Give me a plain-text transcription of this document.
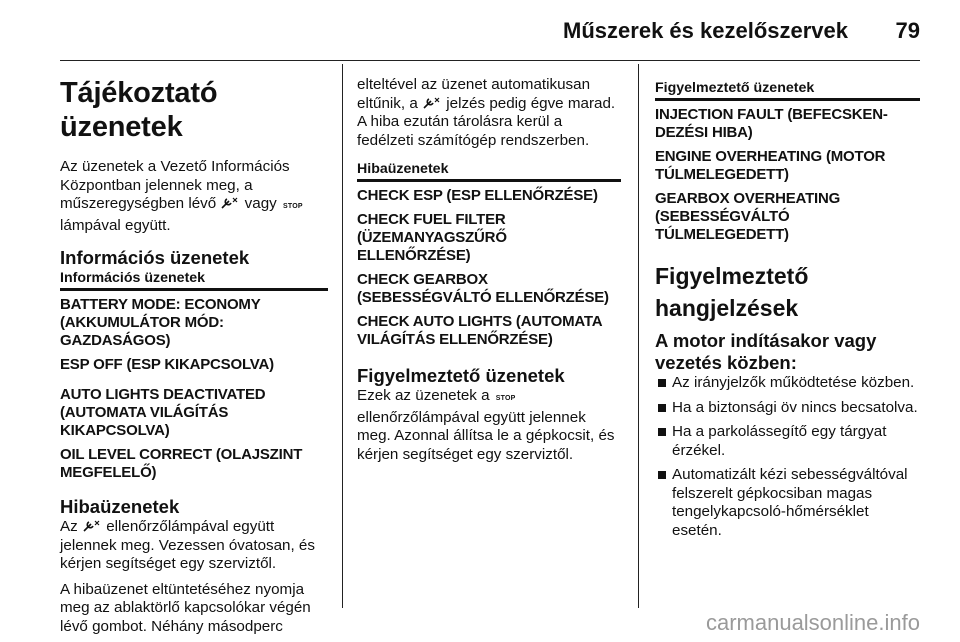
Műszerek és kezelőszervek 79
Tájékoztató üzenetek

Az üzenetek a Vezető Információs Központban jelennek meg, a műszeregységben lévő vagy STOP lámpával együtt.

Információs üzenetek
Információs üzenetek
BATTERY MODE: ECONOMY (AKKUMULÁTOR MÓD: GAZDASÁGOS)
ESP OFF (ESP KIKAPCSOLVA)
AUTO LIGHTS DEACTIVATED (AUTOMATA VILÁGÍTÁS KIKAPCSOLVA)
OIL LEVEL CORRECT (OLAJSZINT MEGFELELŐ)
Hibaüzenetek

Az ellenőrzőlámpával együtt jelennek meg. Vezessen óvatosan, és kérjen segítséget egy szerviztől.

A hibaüzenet eltüntetéséhez nyomja meg az ablaktörlő kapcsolókar végén lévő gombot. Néhány másodperc

elteltével az üzenet automatikusan eltűnik, a jelzés pedig égve marad. A hiba ezután tárolásra kerül a fedélzeti számítógép rendszerben.

Hibaüzenetek
CHECK ESP (ESP ELLENŐRZÉSE)
CHECK FUEL FILTER (ÜZEMANYAGSZŰRŐ ELLENŐRZÉSE)
CHECK GEARBOX (SEBESSÉGVÁLTÓ ELLENŐRZÉSE)
CHECK AUTO LIGHTS (AUTOMATA VILÁGÍTÁS ELLENŐRZÉSE)
Figyelmeztető üzenetek

Ezek az üzenetek a STOP ellenőrzőlámpával együtt jelennek meg. Azonnal állítsa le a gépkocsit, és kérjen segítséget egy szerviztől.

Figyelmeztető üzenetek
INJECTION FAULT (BEFECSKEN-DEZÉSI HIBA)
ENGINE OVERHEATING (MOTOR TÚLMELEGEDETT)
GEARBOX OVERHEATING (SEBESSÉGVÁLTÓ TÚLMELEGEDETT)
Figyelmeztető hangjelzések
A motor indításakor vagy vezetés közben:
Az irányjelzők működtetése közben.
Ha a biztonsági öv nincs becsatolva.
Ha a parkolássegítő egy tárgyat érzékel.
Automatizált kézi sebességváltóval felszerelt gépkocsiban magas tengelykapcsoló-hőmérséklet esetén.
carmanualsonline.info
